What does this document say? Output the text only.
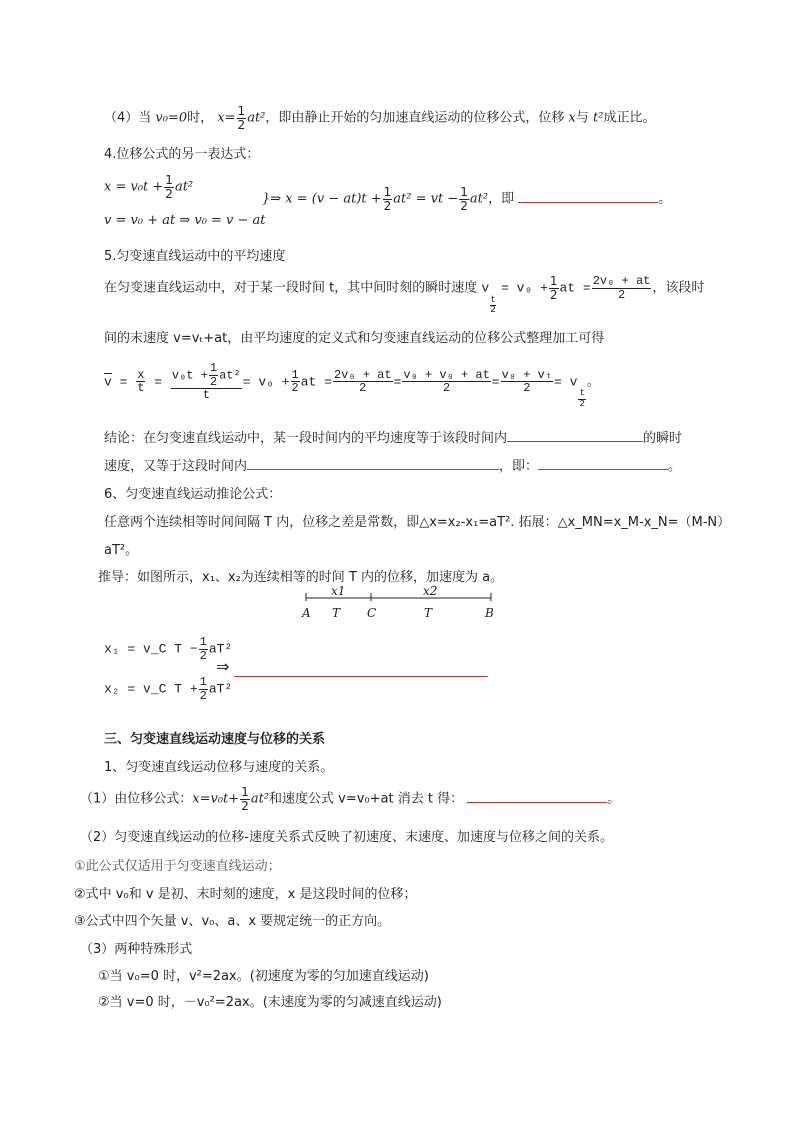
（4）当 v₀=0时， $x= \frac{1}{2} at^2$，即由静止开始的匀加速直线运动的位移公式，位移 x与 t²成正比。
4.位移公式的另一表达式：
$x = v_0t + \frac{1}{2} at^2$
v = v₀ + at ⇒ v₀ = v − at
}⇒ $x = (v - at)t + \frac{1}{2} at^2$ = vt − $\frac{1}{2} at^2$，即	。
5.匀变速直线运动中的平均速度
在匀变速直线运动中，对于某一段时间 t，其中间时刻的瞬时速度 v
$\frac{t}{2}$
= $v_0 + \frac{1}{2}$ at = $\frac{\text{2v₀ + at}}{2}$ ，该段时
间的末速度 v=vₜ+at，由平均速度的定义式和匀变速直线运动的位移公式整理加工可得
$\overline{v} = \frac{x}{t} = \frac{v_0t + \frac{1}{2} at^2}{t} = v_0 + \frac{1}{2}$ at = $\frac{\text{2v₀ + at}}{2} = \frac{\text{v₀ + v₀ + at}}{2} = \frac{\text{v₀ + vₜ}}{2} = v$
$\frac{t}{2}$
。
结论：在匀变速直线运动中，某一段时间内的平均速度等于该段时间内	的瞬时
速度，又等于这段时间内	，即：	。
6、匀变速直线运动推论公式：
任意两个连续相等时间间隔 T 内，位移之差是常数，即△x=x₂-x₁=aT². 拓展：△x_MN=x_M-x_N=（M-N）
aT²。
推导：如图所示，x₁、x₂为连续相等的时间 T 内的位移，加速度为 a。
x1	x2
A T C	T	B
x₁ = v_C $T - \frac{1}{2} aT^2$
x₂ = v_C $T + \frac{1}{2} aT^2$
⇒
三、匀变速直线运动速度与位移的关系
1、匀变速直线运动位移与速度的关系。
（1）由位移公式：$x=v_0t+ \frac{1}{2} at^2$和速度公式 v=v₀+at 消去 t 得：	。
（2）匀变速直线运动的位移-速度关系式反映了初速度、末速度、加速度与位移之间的关系。
①此公式仅适用于匀变速直线运动；
②式中 v₀和 v 是初、末时刻的速度，x 是这段时间的位移；
③公式中四个矢量 v、v₀、a、x 要规定统一的正方向。
（3）两种特殊形式
①当 v₀=0 时，v²=2ax。(初速度为零的匀加速直线运动)
②当 v=0 时，－v₀²=2ax。(末速度为零的匀减速直线运动)
